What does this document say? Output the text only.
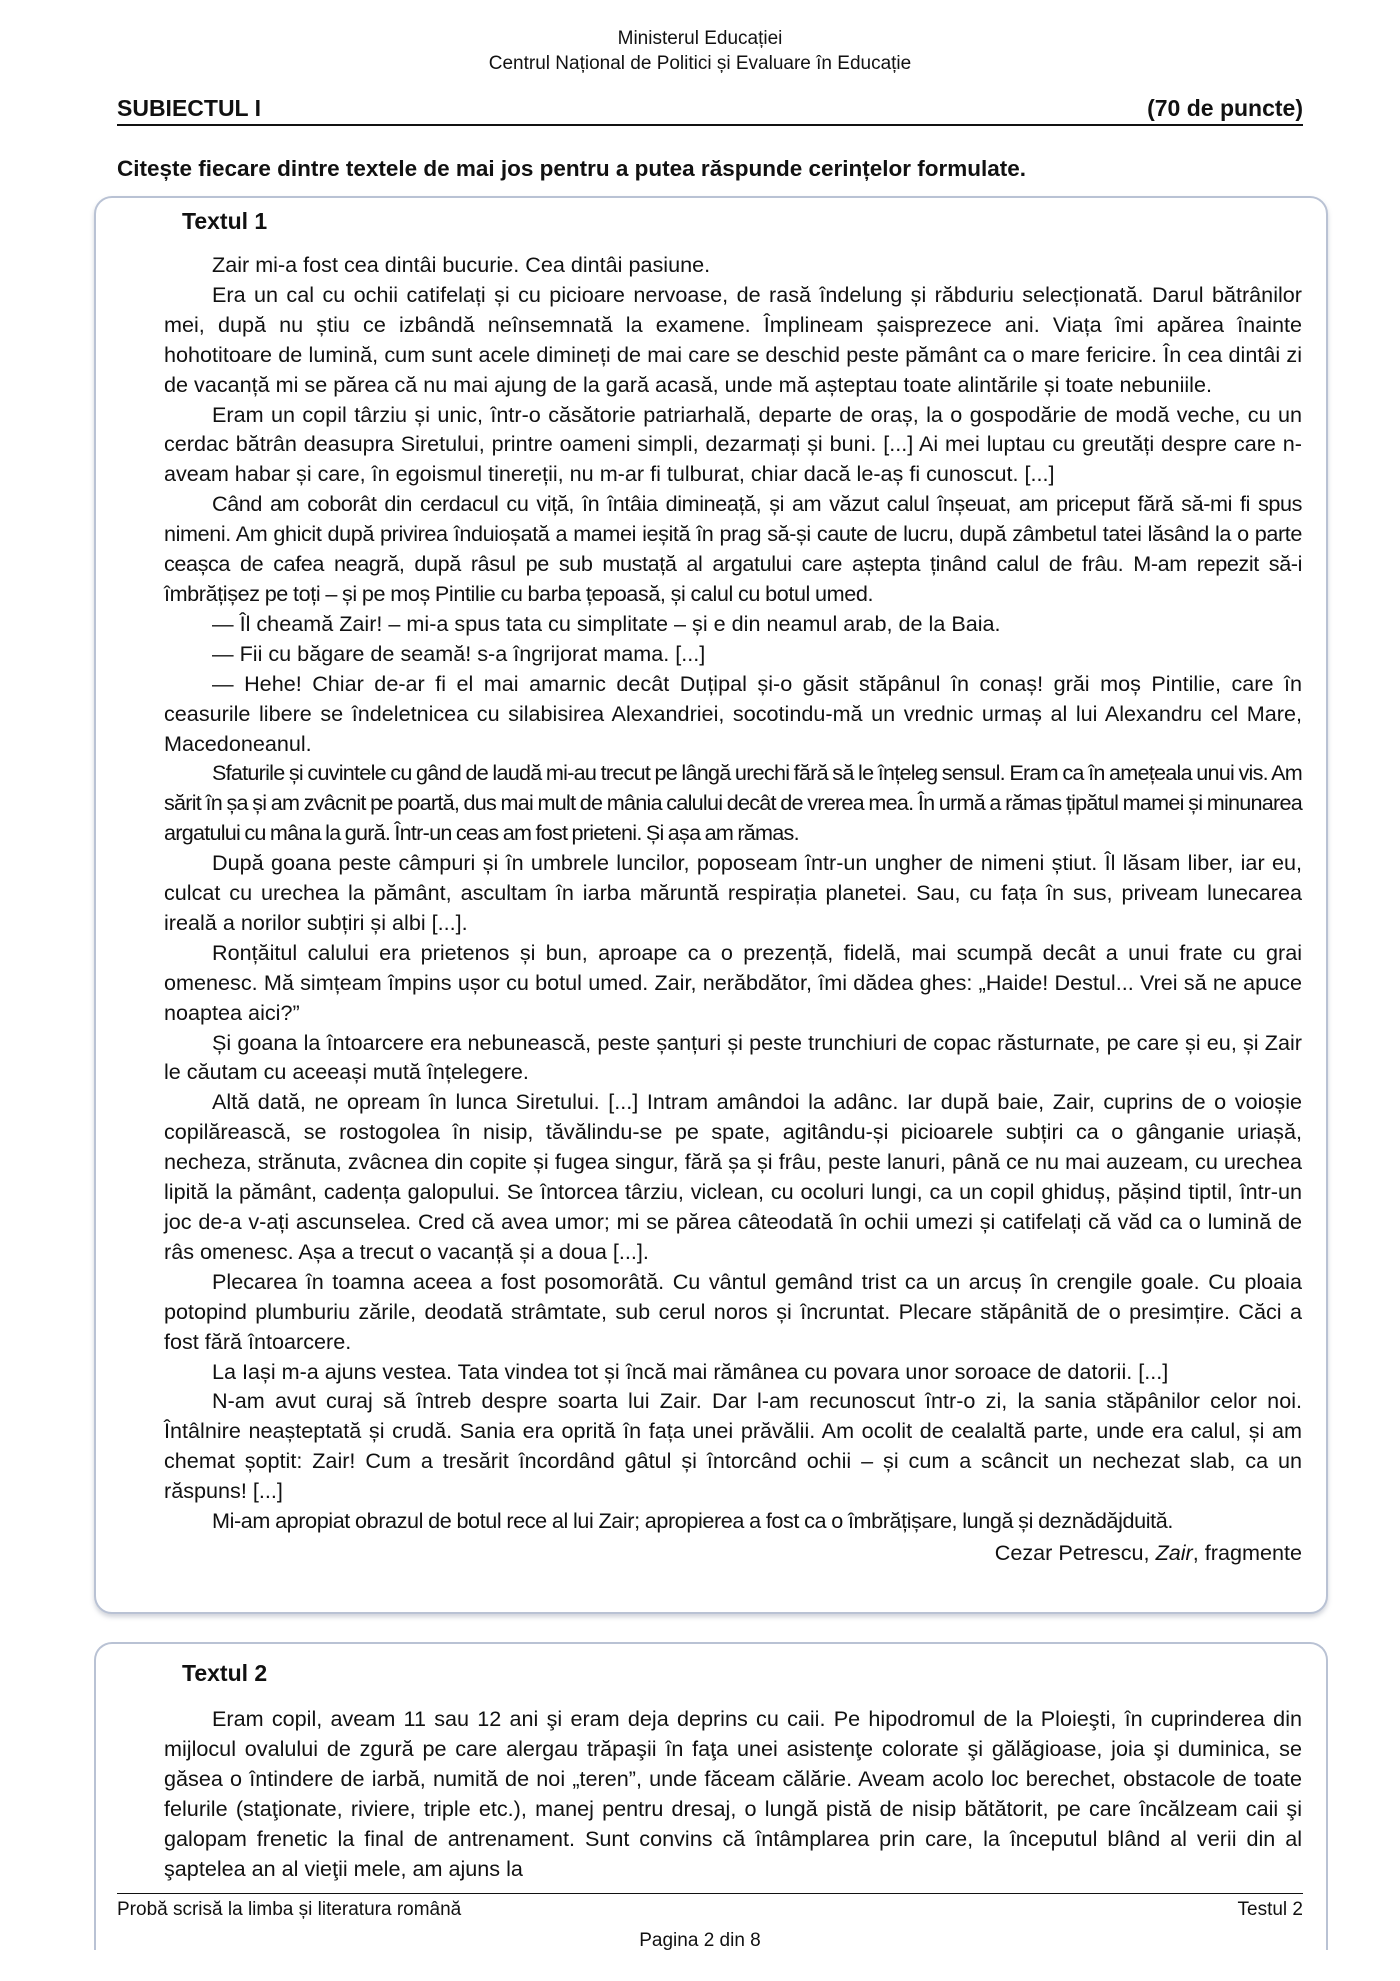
Ministerul Educației
Centrul Național de Politici și Evaluare în Educație
SUBIECTUL I	(70 de puncte)
Citește fiecare dintre textele de mai jos pentru a putea răspunde cerințelor formulate.
Textul 1

Zair mi-a fost cea dintâi bucurie. Cea dintâi pasiune.

Era un cal cu ochii catifelați și cu picioare nervoase, de rasă îndelung și răbduriu selecționată. Darul bătrânilor mei, după nu știu ce izbândă neînsemnată la examene. Împlineam șaisprezece ani. Viața îmi apărea înainte hohotitoare de lumină, cum sunt acele dimineți de mai care se deschid peste pământ ca o mare fericire. În cea dintâi zi de vacanță mi se părea că nu mai ajung de la gară acasă, unde mă așteptau toate alintările și toate nebuniile.

Eram un copil târziu și unic, într-o căsătorie patriarhală, departe de oraș, la o gospodărie de modă veche, cu un cerdac bătrân deasupra Siretului, printre oameni simpli, dezarmați și buni. [...] Ai mei luptau cu greutăți despre care n-aveam habar și care, în egoismul tinereții, nu m-ar fi tulburat, chiar dacă le-aș fi cunoscut. [...]

Când am coborât din cerdacul cu viță, în întâia dimineață, și am văzut calul înșeuat, am priceput fără să-mi fi spus nimeni. Am ghicit după privirea înduioșată a mamei ieșită în prag să-și caute de lucru, după zâmbetul tatei lăsând la o parte ceașca de cafea neagră, după râsul pe sub mustață al argatului care aștepta ținând calul de frâu. M-am repezit să-i îmbrățișez pe toți – și pe moș Pintilie cu barba țepoasă, și calul cu botul umed.

— Îl cheamă Zair! – mi-a spus tata cu simplitate – și e din neamul arab, de la Baia.

— Fii cu băgare de seamă! s-a îngrijorat mama. [...]

— Hehe! Chiar de-ar fi el mai amarnic decât Duțipal și-o găsit stăpânul în conaș! grăi moș Pintilie, care în ceasurile libere se îndeletnicea cu silabisirea Alexandriei, socotindu-mă un vrednic urmaș al lui Alexandru cel Mare, Macedoneanul.

Sfaturile și cuvintele cu gând de laudă mi-au trecut pe lângă urechi fără să le înțeleg sensul. Eram ca în amețeala unui vis. Am sărit în șa și am zvâcnit pe poartă, dus mai mult de mânia calului decât de vrerea mea. În urmă a rămas țipătul mamei și minunarea argatului cu mâna la gură. Într-un ceas am fost prieteni. Și așa am rămas.

După goana peste câmpuri și în umbrele luncilor, poposeam într-un ungher de nimeni știut. Îl lăsam liber, iar eu, culcat cu urechea la pământ, ascultam în iarba măruntă respirația planetei. Sau, cu fața în sus, priveam lunecarea ireală a norilor subțiri și albi [...].

Ronțăitul calului era prietenos și bun, aproape ca o prezență, fidelă, mai scumpă decât a unui frate cu grai omenesc. Mă simțeam împins ușor cu botul umed. Zair, nerăbdător, îmi dădea ghes: „Haide! Destul... Vrei să ne apuce noaptea aici?”

Și goana la întoarcere era nebunească, peste șanțuri și peste trunchiuri de copac răsturnate, pe care și eu, și Zair le căutam cu aceeași mută înțelegere.

Altă dată, ne opream în lunca Siretului. [...] Intram amândoi la adânc. Iar după baie, Zair, cuprins de o voioșie copilărească, se rostogolea în nisip, tăvălindu-se pe spate, agitându-și picioarele subțiri ca o gânganie uriașă, necheza, strănuta, zvâcnea din copite și fugea singur, fără șa și frâu, peste lanuri, până ce nu mai auzeam, cu urechea lipită la pământ, cadența galopului. Se întorcea târziu, viclean, cu ocoluri lungi, ca un copil ghiduș, pășind tiptil, într-un joc de-a v-ați ascunselea. Cred că avea umor; mi se părea câteodată în ochii umezi și catifelați că văd ca o lumină de râs omenesc. Așa a trecut o vacanță și a doua [...].

Plecarea în toamna aceea a fost posomorâtă. Cu vântul gemând trist ca un arcuș în crengile goale. Cu ploaia potopind plumburiu zările, deodată strâmtate, sub cerul noros și încruntat. Plecare stăpânită de o presimțire. Căci a fost fără întoarcere.

La Iași m-a ajuns vestea. Tata vindea tot și încă mai rămânea cu povara unor soroace de datorii. [...]

N-am avut curaj să întreb despre soarta lui Zair. Dar l-am recunoscut într-o zi, la sania stăpânilor celor noi. Întâlnire neașteptată și crudă. Sania era oprită în fața unei prăvălii. Am ocolit de cealaltă parte, unde era calul, și am chemat șoptit: Zair! Cum a tresărit încordând gâtul și întorcând ochii – și cum a scâncit un nechezat slab, ca un răspuns! [...]

Mi-am apropiat obrazul de botul rece al lui Zair; apropierea a fost ca o îmbrățișare, lungă și deznădăjduită.

Cezar Petrescu, Zair, fragmente
Textul 2

Eram copil, aveam 11 sau 12 ani şi eram deja deprins cu caii. Pe hipodromul de la Ploieşti, în cuprinderea din mijlocul ovalului de zgură pe care alergau trăpaşii în faţa unei asistenţe colorate şi gălăgioase, joia şi duminica, se găsea o întindere de iarbă, numită de noi „teren”, unde făceam călărie. Aveam acolo loc berechet, obstacole de toate felurile (staţionate, riviere, triple etc.), manej pentru dresaj, o lungă pistă de nisip bătătorit, pe care încălzeam caii şi galopam frenetic la final de antrenament. Sunt convins că întâmplarea prin care, la începutul blând al verii din al şaptelea an al vieţii mele, am ajuns la

Probă scrisă la limba și literatura română	Testul 2
Pagina 2 din 8
